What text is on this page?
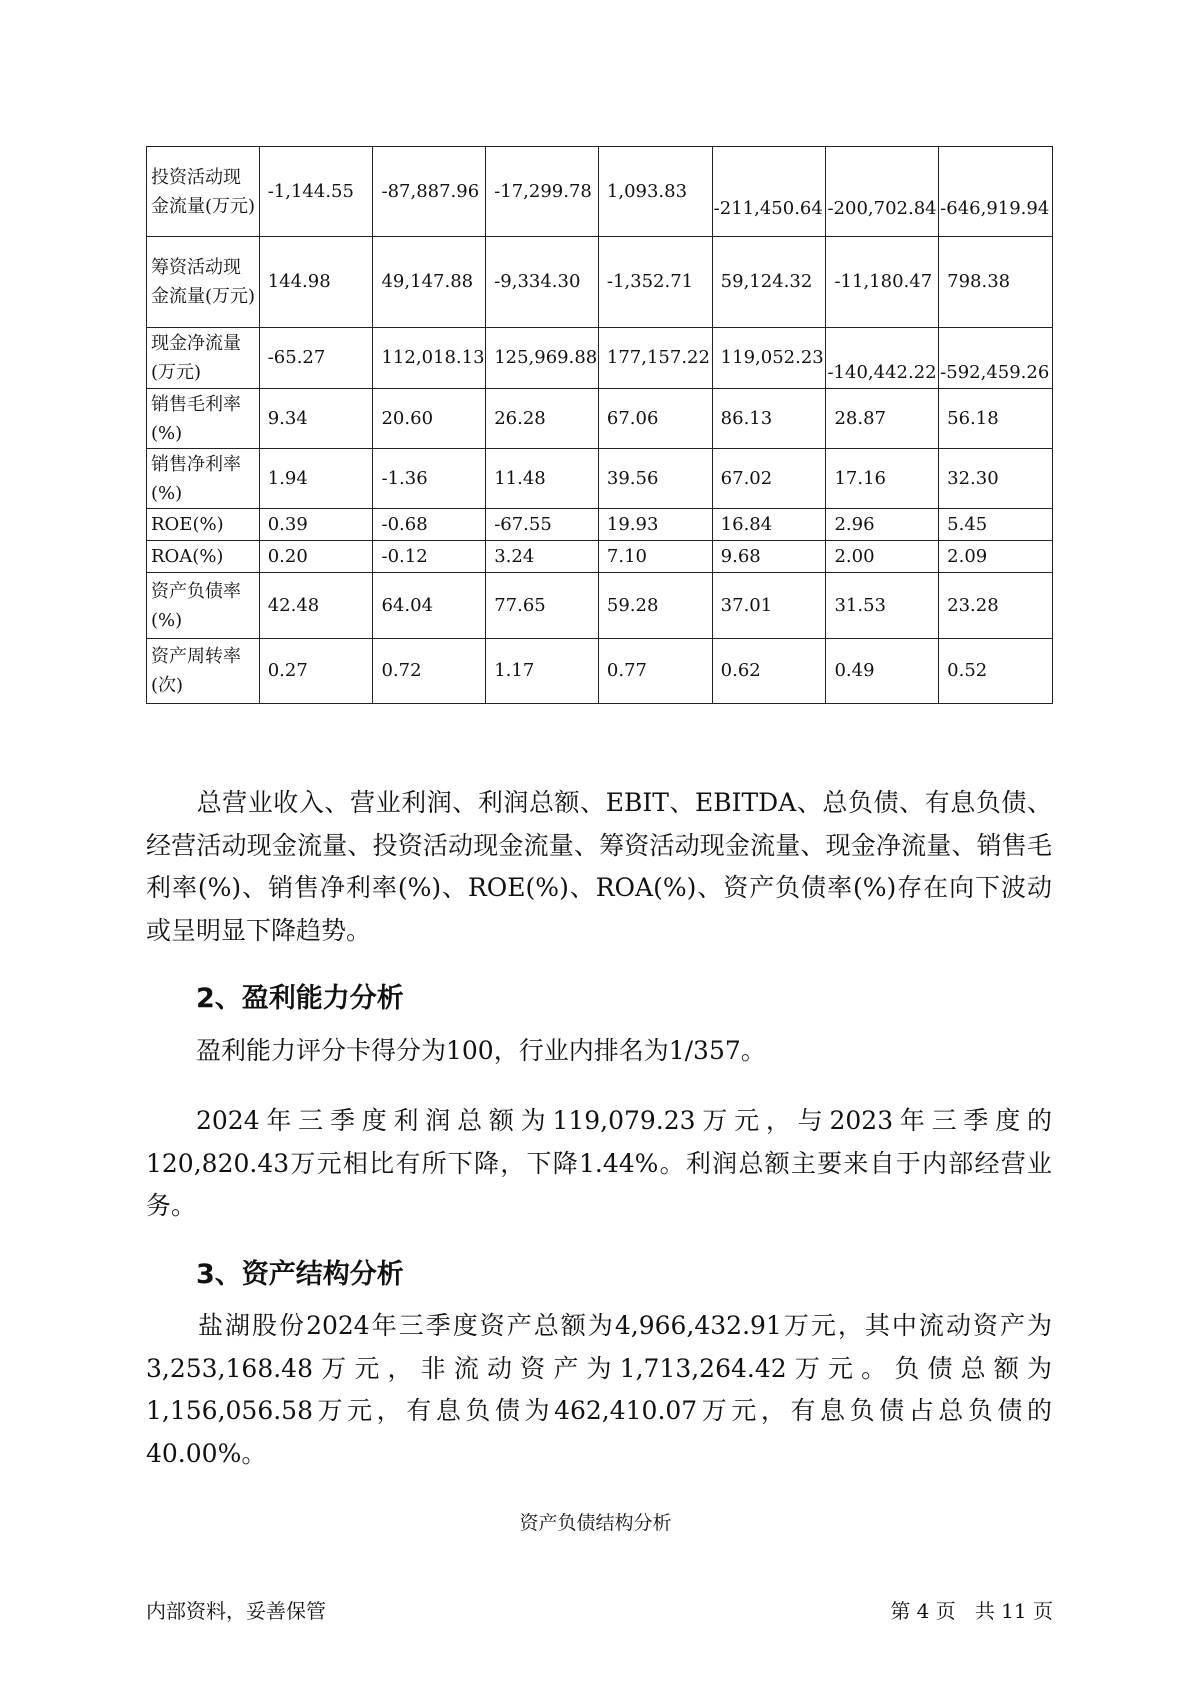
投资活动现金流量(万元)	-1,144.55	-87,887.96	-17,299.78	1,093.83	-211,450.64	-200,702.84	-646,919.94
筹资活动现金流量(万元)	144.98	49,147.88	-9,334.30	-1,352.71	59,124.32	-11,180.47	798.38
现金净流量(万元)	-65.27	112,018.13	125,969.88	177,157.22	119,052.23	-140,442.22	-592,459.26
销售毛利率(%)	9.34	20.60	26.28	67.06	86.13	28.87	56.18
销售净利率(%)	1.94	-1.36	11.48	39.56	67.02	17.16	32.30
ROE(%)	0.39	-0.68	-67.55	19.93	16.84	2.96	5.45
ROA(%)	0.20	-0.12	3.24	7.10	9.68	2.00	2.09
资产负债率(%)	42.48	64.04	77.65	59.28	37.01	31.53	23.28
资产周转率(次)	0.27	0.72	1.17	0.77	0.62	0.49	0.52
总营业收入、营业利润、利润总额、EBIT、EBITDA、总负债、有息负债、经营活动现金流量、投资活动现金流量、筹资活动现金流量、现金净流量、销售毛利率(%)、销售净利率(%)、ROE(%)、ROA(%)、资产负债率(%)存在向下波动或呈明显下降趋势。
2、盈利能力分析
盈利能力评分卡得分为100，行业内排名为1/357。
2024年三季度利润总额为119,079.23万元，与2023年三季度的120,820.43万元相比有所下降，下降1.44%。利润总额主要来自于内部经营业务。
3、资产结构分析
盐湖股份2024年三季度资产总额为4,966,432.91万元，其中流动资产为3,253,168.48万元，非流动资产为1,713,264.42万元。负债总额为1,156,056.58万元，有息负债为462,410.07万元，有息负债占总负债的40.00%。
资产负债结构分析
内部资料，妥善保管	第 4 页   共 11 页
